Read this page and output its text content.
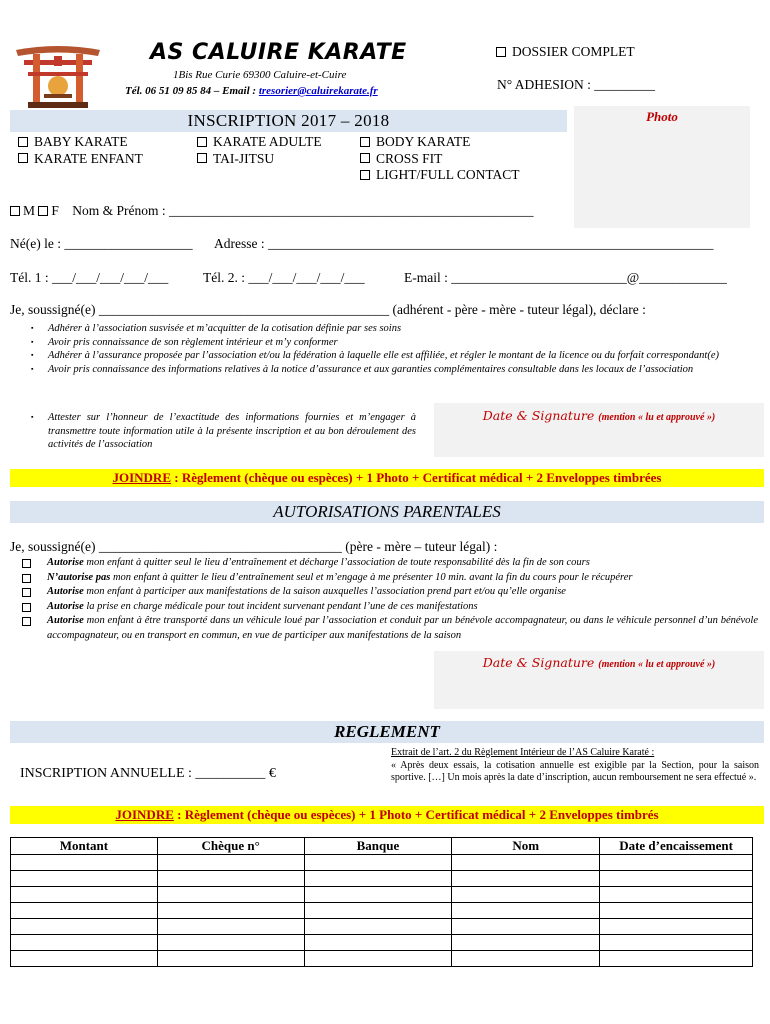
AS CALUIRE KARATE
1Bis Rue Curie 69300 Caluire-et-Cuire
Tél. 06 51 09 85 84 – Email : tresorier@caluirekarate.fr
DOSSIER COMPLET
N° ADHESION : _________
Photo
INSCRIPTION 2017 – 2018
BABY KARATE
KARATE ENFANT
KARATE ADULTE
TAI-JITSU
BODY KARATE
CROSS FIT
LIGHT/FULL CONTACT
M F Nom & Prénom : ______________________________________________________
Né(e) le : ___________________ Adresse : __________________________________________________________________
Tél. 1 : ___/___/___/___/___	Tél. 2. : ___/___/___/___/___	E-mail : __________________________@_____________
Je, soussigné(e) ___________________________________________ (adhérent - père - mère - tuteur légal), déclare :
▪ Adhérer à l’association susvisée et m’acquitter de la cotisation définie par ses soins
▪ Avoir pris connaissance de son règlement intérieur et m’y conformer
▪ Adhérer à l’assurance proposée par l’association et/ou la fédération à laquelle elle est affiliée, et régler le montant de la licence ou du forfait correspondant(e)
▪ Avoir pris connaissance des informations relatives à la notice d’assurance et aux garanties complémentaires consultable dans les locaux de l’association
▪ Attester sur l’honneur de l’exactitude des informations fournies et m’engager à transmettre toute information utile à la présente inscription et au bon déroulement des activités de l’association
Date & Signature (mention « lu et approuvé »)
JOINDRE : Règlement (chèque ou espèces) + 1 Photo + Certificat médical + 2 Enveloppes timbrées
AUTORISATIONS PARENTALES
Je, soussigné(e) ____________________________________ (père - mère – tuteur légal) :
Autorise mon enfant à quitter seul le lieu d’entraînement et décharge l’association de toute responsabilité dès la fin de son cours
N’autorise pas mon enfant à quitter le lieu d’entraînement seul et m’engage à me présenter 10 min. avant la fin du cours pour le récupérer
Autorise mon enfant à participer aux manifestations de la saison auxquelles l’association prend part et/ou qu’elle organise
Autorise la prise en charge médicale pour tout incident survenant pendant l’une de ces manifestations
Autorise mon enfant à être transporté dans un véhicule loué par l’association et conduit par un bénévole accompagnateur, ou dans le véhicule personnel d’un bénévole accompagnateur, ou en transport en commun, en vue de participer aux manifestations de la saison
Date & Signature (mention « lu et approuvé »)
REGLEMENT
INSCRIPTION ANNUELLE : __________ €
Extrait de l’art. 2 du Règlement Intérieur de l’AS Caluire Karaté :
« Après deux essais, la cotisation annuelle est exigible par la Section, pour la saison sportive. […] Un mois après la date d’inscription, aucun remboursement ne sera effectué ».
JOINDRE : Règlement (chèque ou espèces) + 1 Photo + Certificat médical + 2 Enveloppes timbrés
Montant	Chèque n°	Banque	Nom	Date d’encaissement
